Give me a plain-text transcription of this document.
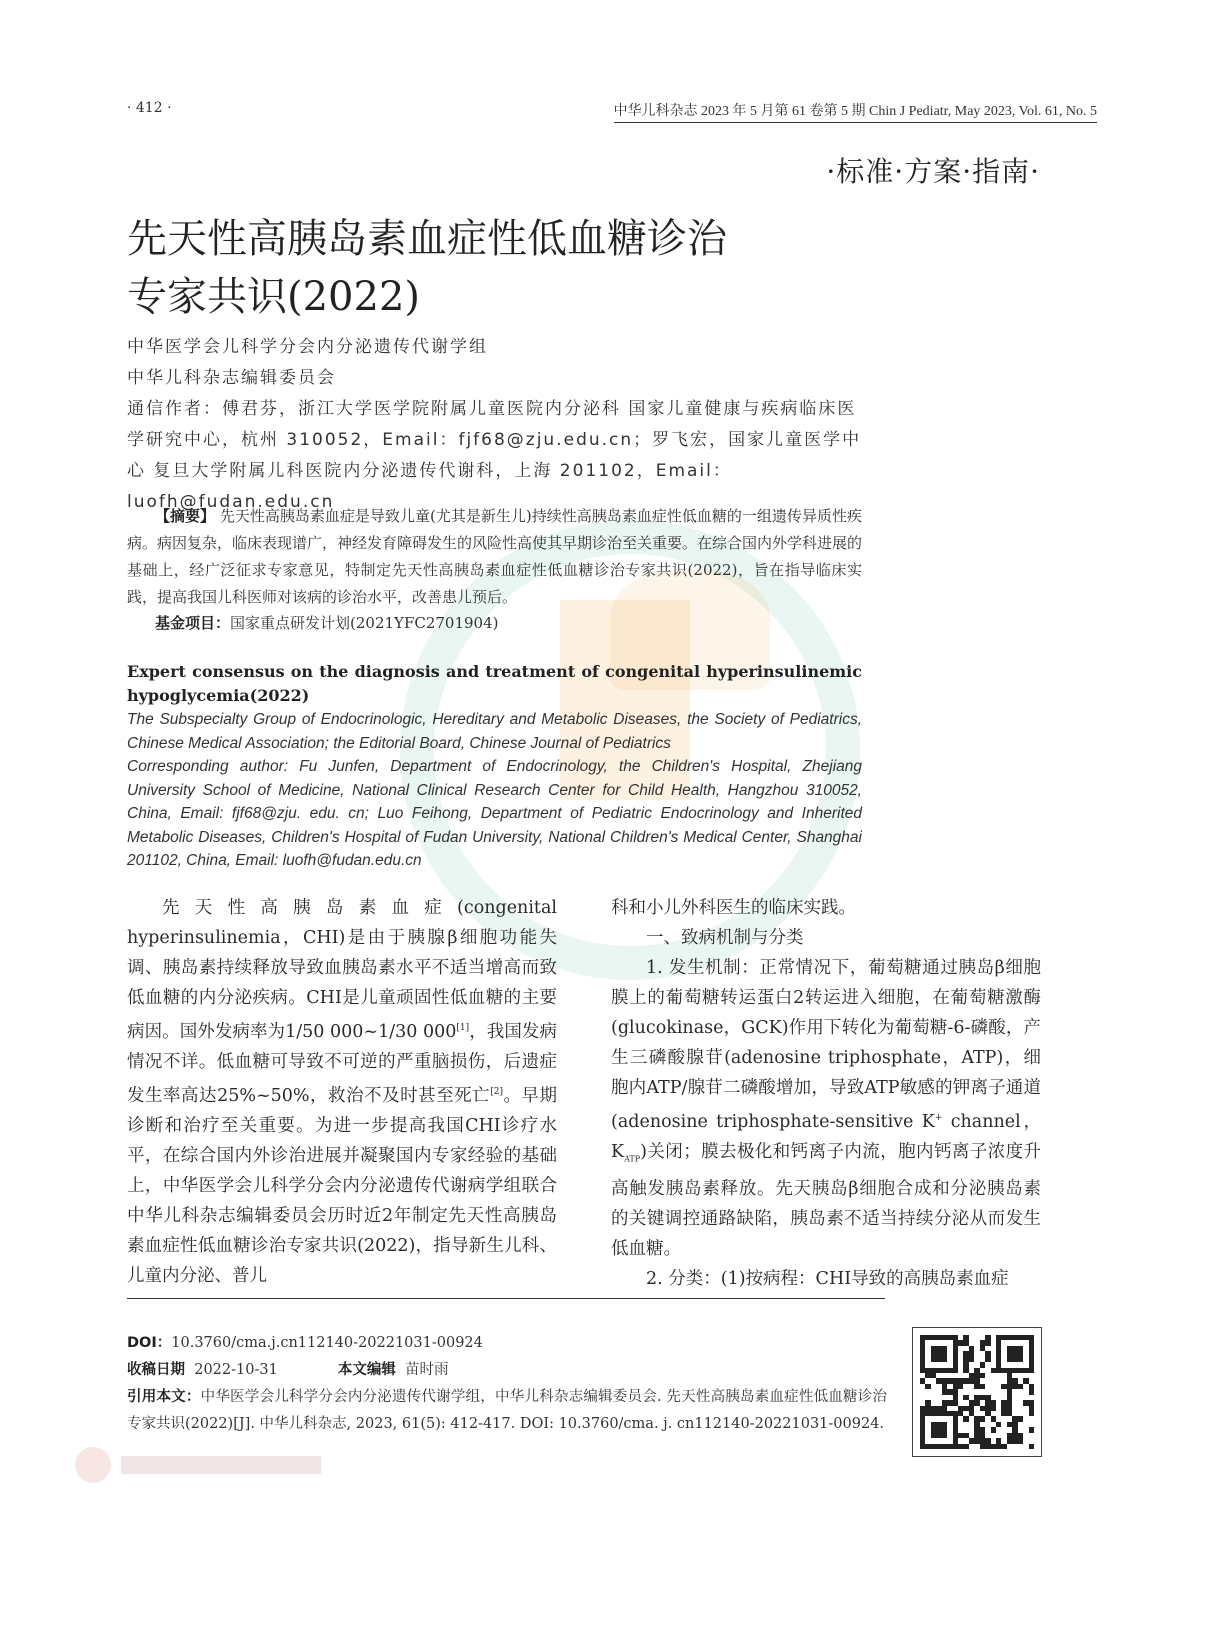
· 412 ·	中华儿科杂志 2023 年 5 月第 61 卷第 5 期 Chin J Pediatr, May 2023, Vol. 61, No. 5
·标准·方案·指南·
先天性高胰岛素血症性低血糖诊治
专家共识(2022)
中华医学会儿科学分会内分泌遗传代谢学组
中华儿科杂志编辑委员会
通信作者：傅君芬，浙江大学医学院附属儿童医院内分泌科 国家儿童健康与疾病临床医学研究中心，杭州 310052，Email：fjf68@zju.edu.cn；罗飞宏，国家儿童医学中心 复旦大学附属儿科医院内分泌遗传代谢科，上海 201102，Email：luofh@fudan.edu.cn
【摘要】 先天性高胰岛素血症是导致儿童(尤其是新生儿)持续性高胰岛素血症性低血糖的一组遗传异质性疾病。病因复杂，临床表现谱广，神经发育障碍发生的风险性高使其早期诊治至关重要。在综合国内外学科进展的基础上，经广泛征求专家意见，特制定先天性高胰岛素血症性低血糖诊治专家共识(2022)，旨在指导临床实践，提高我国儿科医师对该病的诊治水平，改善患儿预后。
基金项目：国家重点研发计划(2021YFC2701904)
Expert consensus on the diagnosis and treatment of congenital hyperinsulinemic
hypoglycemia(2022)
The Subspecialty Group of Endocrinologic, Hereditary and Metabolic Diseases, the Society of Pediatrics, Chinese Medical Association; the Editorial Board, Chinese Journal of Pediatrics
Corresponding author: Fu Junfen, Department of Endocrinology, the Children's Hospital, Zhejiang University School of Medicine, National Clinical Research Center for Child Health, Hangzhou 310052, China, Email: fjf68@zju. edu. cn; Luo Feihong, Department of Pediatric Endocrinology and Inherited Metabolic Diseases, Children's Hospital of Fudan University, National Children's Medical Center, Shanghai 201102, China, Email: luofh@fudan.edu.cn

先天性高胰岛素血症(congenital hyperinsulinemia，CHI)是由于胰腺β细胞功能失调、胰岛素持续释放导致血胰岛素水平不适当增高而致低血糖的内分泌疾病。CHI是儿童顽固性低血糖的主要病因。国外发病率为1/50 000~1/30 000[1]，我国发病情况不详。低血糖可导致不可逆的严重脑损伤，后遗症发生率高达25%~50%，救治不及时甚至死亡[2]。早期诊断和治疗至关重要。为进一步提高我国CHI诊疗水平，在综合国内外诊治进展并凝聚国内专家经验的基础上，中华医学会儿科学分会内分泌遗传代谢病学组联合中华儿科杂志编辑委员会历时近2年制定先天性高胰岛素血症性低血糖诊治专家共识(2022)，指导新生儿科、儿童内分泌、普儿

科和小儿外科医生的临床实践。

一、致病机制与分类

1. 发生机制：正常情况下，葡萄糖通过胰岛β细胞膜上的葡萄糖转运蛋白2转运进入细胞，在葡萄糖激酶(glucokinase，GCK)作用下转化为葡萄糖-6-磷酸，产生三磷酸腺苷(adenosine triphosphate，ATP)，细胞内ATP/腺苷二磷酸增加，导致ATP敏感的钾离子通道(adenosine triphosphate-sensitive K+ channel，$K_{ATP}$)关闭；膜去极化和钙离子内流，胞内钙离子浓度升高触发胰岛素释放。先天胰岛β细胞合成和分泌胰岛素的关键调控通路缺陷，胰岛素不适当持续分泌从而发生低血糖。

2. 分类：(1)按病程：CHI导致的高胰岛素血症

DOI：10.3760/cma.j.cn112140-20221031-00924
收稿日期 2022-10-31	本文编辑 苗时雨
引用本文：中华医学会儿科学分会内分泌遗传代谢学组，中华儿科杂志编辑委员会. 先天性高胰岛素血症性低血糖诊治专家共识(2022)[J]. 中华儿科杂志, 2023, 61(5): 412-417. DOI: 10.3760/cma. j. cn112140-20221031-00924.
